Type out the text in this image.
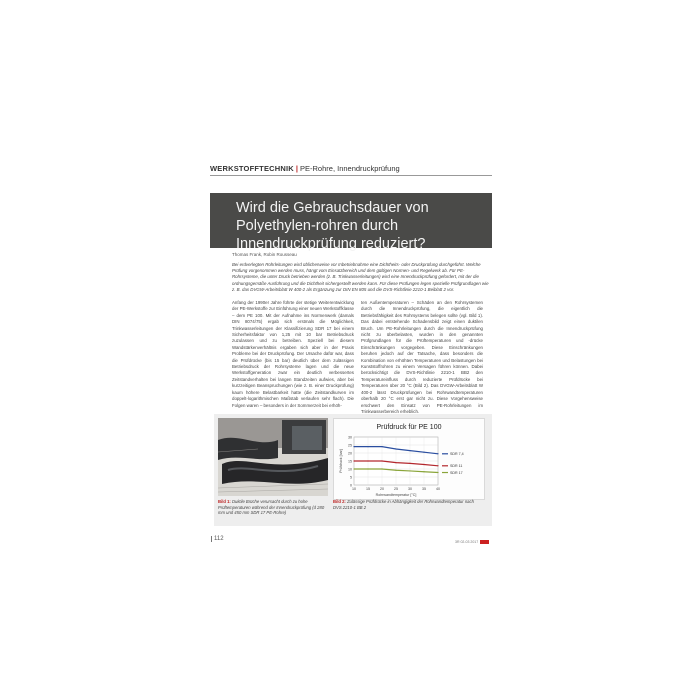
WERKSTOFFTECHNIK | PE-Rohre, Innendruckprüfung
Wird die Gebrauchsdauer von Polyethylen-rohren durch Innendruckprüfung reduziert?
Thomas Frank, Robin Rousseau
Bei erdverlegten Rohrleitungen wird üblicherweise vor Inbetriebnahme eine Dichtheits- oder Druckprüfung durchgeführt. Welche Prüfung vorgenommen werden muss, hängt vom Einsatzbereich und dem gültigen Normen- und Regelwerk ab. Für PE-Rohrsysteme, die unter Druck betrieben werden (z. B. Trinkwasserleitungen) wird eine Innendruckprüfung gefordert, mit der die ordnungsgemäße Ausführung und die Dichtheit sichergestellt werden kann. Für diese Prüfungen legen spezielle Prüfgrundlagen wie z. B. das DVGW-Arbeitsblatt W 400-2 als Ergänzung zur DIN EN 805 und die DVS-Richtlinie 2210-1 Beiblatt 2 vor.
Anfang der 1990er Jahre führte der stetige Weiterentwicklung der PE-Werkstoffe zur Einführung einer neuen Werkstoffklasse – dem PE 100. Mit der Aufnahme ins Normenwerk (damals DIN 8074/75) ergab sich erstmals die Möglichkeit, Trinkwasserleitungen der Klassifizierung SDR 17 bei einem Sicherheitsfaktor von 1,25 mit 10 bar Betriebsdruck zuzulassen und zu betreiben. Speziell bei diesem Wandstärkenverhältnis ergaben sich aber in der Praxis Probleme bei der Druckprüfung. Der Ursache dafür war, dass die Prüfdrücke (bis 15 bar) deutlich über dem zulässigen Betriebsdruck der Rohrsysteme lagen und die neue Werkstoffgeneration zwar ein deutlich verbessertes Zeitstandverhalten bei langen Standzeiten aufwies, aber bei kurzzeitigen Beanspruchungen (wie z. B. einer Druckprüfung) kaum höhere Belastbarkeit hatte (die Zeitstandkurven im doppelt-logarithmischen Maßstab verlaufen sehr flach). Die Folgen waren – besonders in der Sommerzeit bei erhöh-
ten Außentemperaturen – Schäden an den Rohrsystemen durch die Innendruckprüfung, die eigentlich die Betriebsfähigkeit des Rohrsystems belegen sollte (vgl. Bild 1). Das dabei entstehende Schadensbild zeigt einen duktilen Bruch. Um PE-Rohrleitungen durch die Innendruckprüfung nicht zu überbelasten, wurden in den genannten Prüfgrundlagen für die Prüftemperaturen und -drücke Einschränkungen vorgegeben. Diese Einschränkungen beruhen jedoch auf der Tatsache, dass besonders die Kombination von erhöhten Temperaturen und Belastungen bei Kunststoffrohren zu einem Versagen führen können. Dabei berücksichtigt die DVS-Richtlinie 2210-1 BB2 den Temperatureinfluss durch reduzierte Prüfdrücke bei Temperaturen über 20 °C (Bild 2). Das DVGW-Arbeitsblatt W 400-2 lässt Druckprüfungen bei Rohrwandtemperaturen oberhalb 20 °C erst gar nicht zu. Diese Vorgehensweise erschwert den Einsatz von PE-Rohrleitungen im Trinkwasserbereich erheblich.
Prüfdruck für PE 100
0
5
10
15
20
25
30
10	15	20	25	30	35	40
Rohrwandtemperatur [°C]
Prüfdruck [bar]	SDR 7,4
SDR 11
SDR 17
Bild 1: Duktile Brüche verursacht durch zu hohe Prüftemperaturen während der Innendruckprüfung (d 280 mm und 450 mm SDR 17 PE-Rohre)
Bild 2: Zulässige Prüfdrücke in Abhängigkeit der Rohrwandtemperatur nach DVS 2210-1 BB 2
112	3R 02-03 2017
